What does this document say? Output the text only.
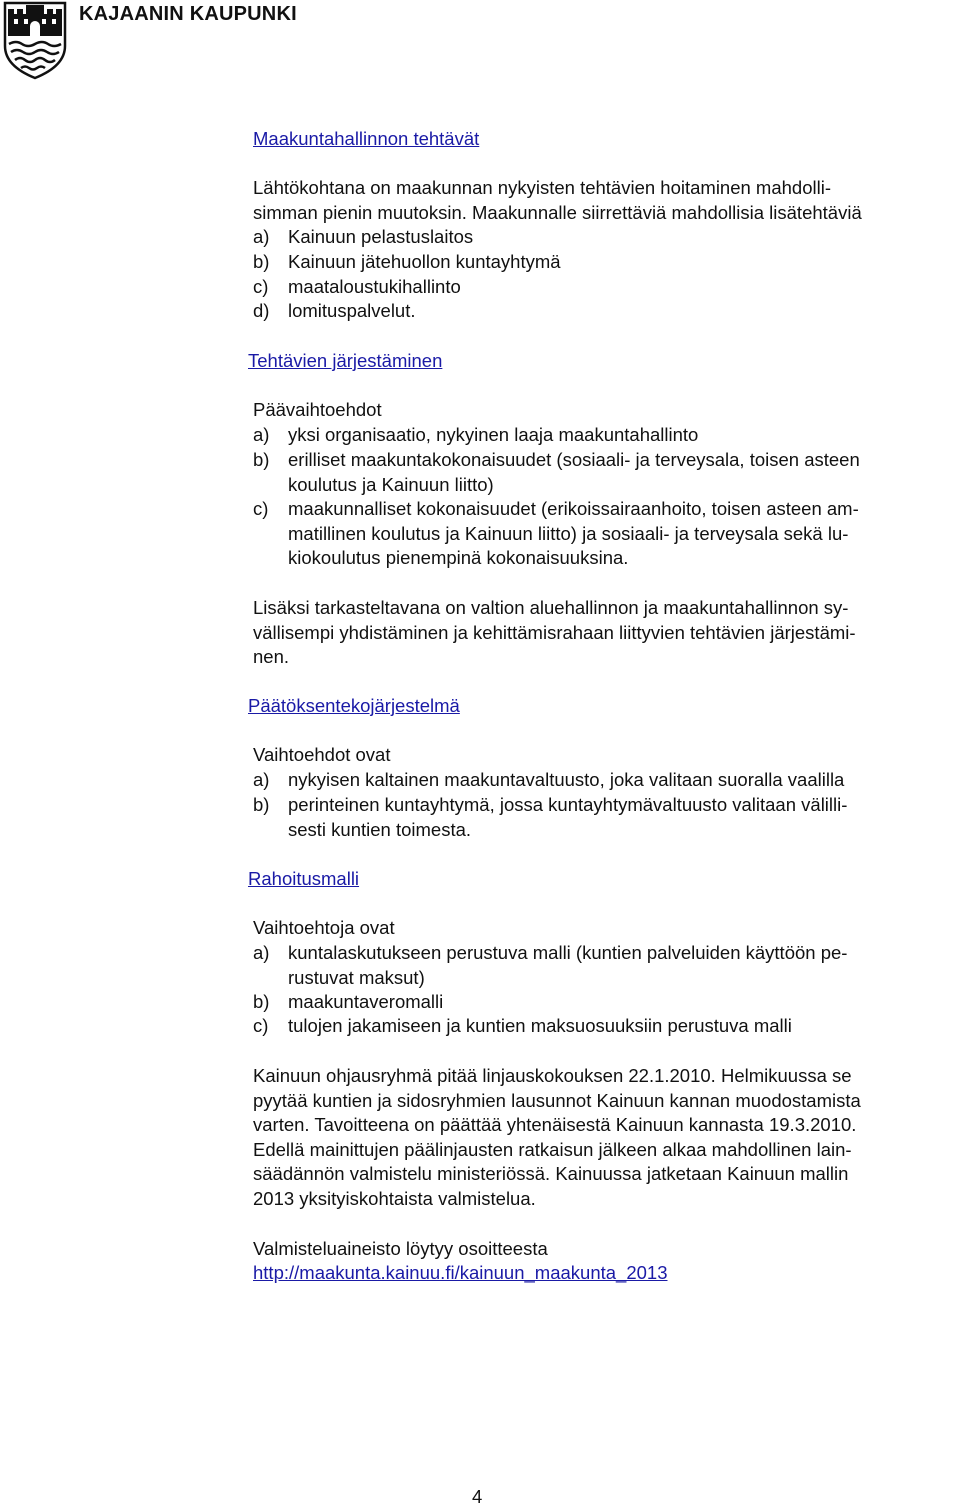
KAJAANIN KAUPUNKI
Maakuntahallinnon tehtävät
Lähtökohtana on maakunnan nykyisten tehtävien hoitaminen mahdolli-
simman pienin muutoksin. Maakunnalle siirrettäviä mahdollisia lisätehtäviä
a) Kainuun pelastuslaitos
b) Kainuun jätehuollon kuntayhtymä
c) maataloustukihallinto
d) lomituspalvelut.
Tehtävien järjestäminen
Päävaihtoehdot
a) yksi organisaatio, nykyinen laaja maakuntahallinto
b) erilliset maakuntakokonaisuudet (sosiaali- ja terveysala, toisen asteen
koulutus ja Kainuun liitto)
c) maakunnalliset kokonaisuudet (erikoissairaanhoito, toisen asteen am-
matillinen koulutus ja Kainuun liitto) ja sosiaali- ja terveysala sekä lu-
kiokoulutus pienempinä kokonaisuuksina.
Lisäksi tarkasteltavana on valtion aluehallinnon ja maakuntahallinnon sy-
vällisempi yhdistäminen ja kehittämisrahaan liittyvien tehtävien järjestämi-
nen.
Päätöksentekojärjestelmä
Vaihtoehdot ovat
a) nykyisen kaltainen maakuntavaltuusto, joka valitaan suoralla vaalilla
b) perinteinen kuntayhtymä, jossa kuntayhtymävaltuusto valitaan välilli-
sesti kuntien toimesta.
Rahoitusmalli
Vaihtoehtoja ovat
a) kuntalaskutukseen perustuva malli (kuntien palveluiden käyttöön pe-
rustuvat maksut)
b) maakuntaveromalli
c) tulojen jakamiseen ja kuntien maksuosuuksiin perustuva malli
Kainuun ohjausryhmä pitää linjauskokouksen 22.1.2010. Helmikuussa se
pyytää kuntien ja sidosryhmien lausunnot Kainuun kannan muodostamista
varten. Tavoitteena on päättää yhtenäisestä Kainuun kannasta 19.3.2010.
Edellä mainittujen päälinjausten ratkaisun jälkeen alkaa mahdollinen lain-
säädännön valmistelu ministeriössä. Kainuussa jatketaan Kainuun mallin
2013 yksityiskohtaista valmistelua.
Valmisteluaineisto löytyy osoitteesta
http://maakunta.kainuu.fi/kainuun_maakunta_2013
4
